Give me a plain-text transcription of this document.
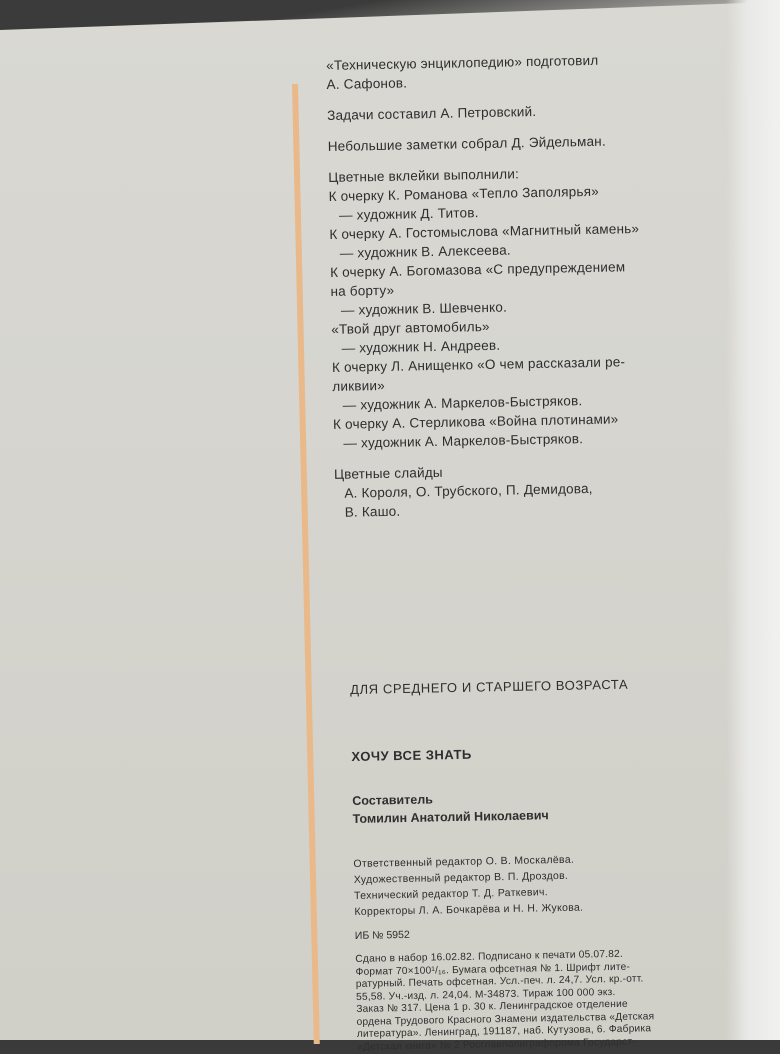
«Техническую энциклопедию» подготовил

А. Сафонов.

Задачи составил А. Петровский.

Небольшие заметки собрал Д. Эйдельман.

Цветные вклейки выполнили:

К очерку К. Романова «Тепло Заполярья»

— художник Д. Титов.

К очерку А. Гостомыслова «Магнитный камень»

— художник В. Алексеева.

К очерку А. Богомазова «С предупреждением

на борту»

— художник В. Шевченко.

«Твой друг автомобиль»

— художник Н. Андреев.

К очерку Л. Анищенко «О чем рассказали ре-

ликвии»

— художник А. Маркелов-Быстряков.

К очерку А. Стерликова «Война плотинами»

— художник А. Маркелов-Быстряков.

Цветные слайды

А. Короля, О. Трубского, П. Демидова,

В. Кашо.

ДЛЯ СРЕДНЕГО И СТАРШЕГО ВОЗРАСТА
ХОЧУ ВСЕ ЗНАТЬ
Составитель
Томилин Анатолий Николаевич
Ответственный редактор О. В. Москалёва.
Художественный редактор В. П. Дроздов.
Технический редактор Т. Д. Раткевич.
Корректоры Л. А. Бочкарёва и Н. Н. Жукова.
ИБ № 5952
Сдано в набор 16.02.82. Подписано к печати 05.07.82.
Формат 70×100¹/₁₆. Бумага офсетная № 1. Шрифт лите-
ратурный. Печать офсетная. Усл.-печ. л. 24,7. Усл. кр.-отт.
55,58. Уч.-изд. л. 24,04. М-34873. Тираж 100 000 экз.
Заказ № 317. Цена 1 р. 30 к. Ленинградское отделение
ордена Трудового Красного Знамени издательства «Детская
литература». Ленинград, 191187, наб. Кутузова, 6. Фабрика
«Детская книга» № 2 Росглавполиграфпрома Государст-
